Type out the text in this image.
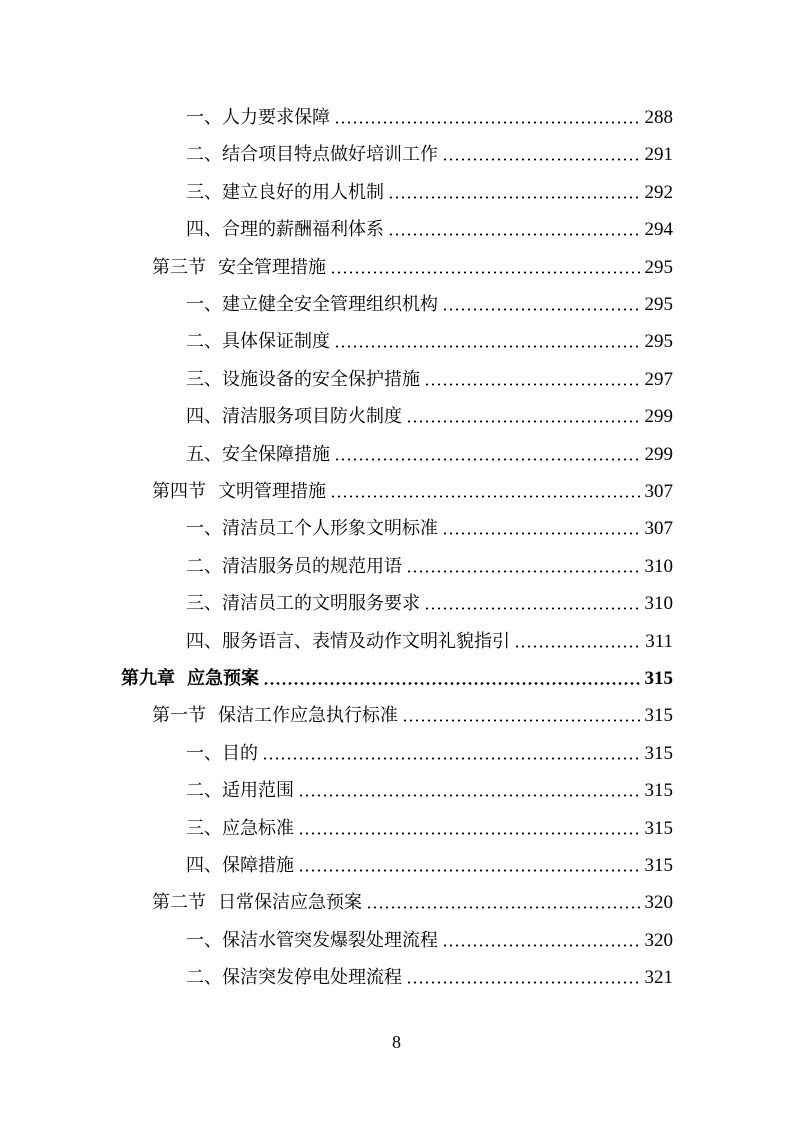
一、 人力要求保障	288
二、 结合项目特点做好培训工作	291
三、 建立良好的用人机制	292
四、 合理的薪酬福利体系	294
第三节 安全管理措施	295
一、 建立健全安全管理组织机构	295
二、 具体保证制度	295
三、 设施设备的安全保护措施	297
四、 清洁服务项目防火制度	299
五、 安全保障措施	299
第四节 文明管理措施	307
一、 清洁员工个人形象文明标准	307
二、 清洁服务员的规范用语	310
三、 清洁员工的文明服务要求	310
四、 服务语言、表情及动作文明礼貌指引	311
第九章 应急预案	315
第一节 保洁工作应急执行标准	315
一、 目的	315
二、 适用范围	315
三、 应急标准	315
四、 保障措施	315
第二节 日常保洁应急预案	320
一、 保洁水管突发爆裂处理流程	320
二、 保洁突发停电处理流程	321
8
